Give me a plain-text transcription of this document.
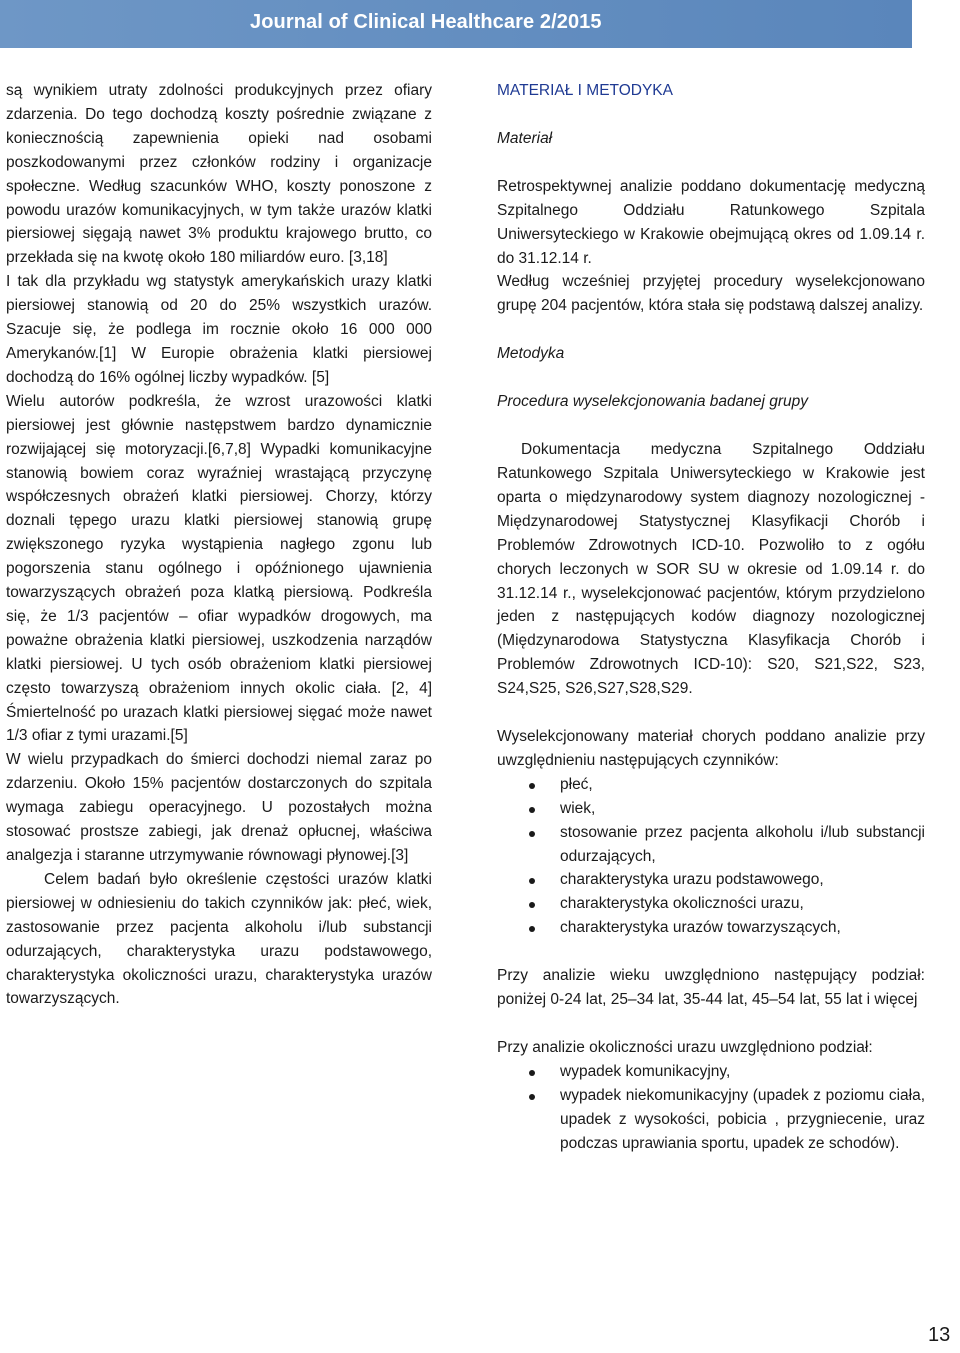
Journal of Clinical Healthcare 2/2015

są wynikiem utraty zdolności produkcyjnych przez ofiary zdarzenia. Do tego dochodzą koszty pośrednie związane z koniecznością zapewnienia opieki nad osobami poszkodowanymi przez członków rodziny i organizacje społeczne. Według szacunków WHO, koszty ponoszone z powodu urazów komunikacyjnych, w tym także urazów klatki piersiowej sięgają nawet 3% produktu krajowego brutto, co przekłada się na kwotę około 180 miliardów euro. [3,18]

I tak dla przykładu wg statystyk amerykańskich urazy klatki piersiowej stanowią od 20 do 25% wszystkich urazów. Szacuje się, że podlega im rocznie około 16 000 000 Amerykanów.[1] W Europie obrażenia klatki piersiowej dochodzą do 16% ogólnej liczby wypadków. [5]

Wielu autorów podkreśla, że wzrost urazowości klatki piersiowej jest głównie następstwem bardzo dynamicznie rozwijającej się motoryzacji.[6,7,8] Wypadki komunikacyjne stanowią bowiem coraz wyraźniej wrastającą przyczynę współczesnych obrażeń klatki piersiowej. Chorzy, którzy doznali tępego urazu klatki piersiowej stanowią grupę zwiększonego ryzyka wystąpienia nagłego zgonu lub pogorszenia stanu ogólnego i opóźnionego ujawnienia towarzyszących obrażeń poza klatką piersiową. Podkreśla się, że 1/3 pacjentów – ofiar wypadków drogowych, ma poważne obrażenia klatki piersiowej, uszkodzenia narządów klatki piersiowej. U tych osób obrażeniom klatki piersiowej często towarzyszą obrażeniom innych okolic ciała. [2, 4] Śmiertelność po urazach klatki piersiowej sięgać może nawet 1/3 ofiar z tymi urazami.[5]

W wielu przypadkach do śmierci dochodzi niemal zaraz po zdarzeniu. Około 15% pacjentów dostarczonych do szpitala wymaga zabiegu operacyjnego. U pozostałych można stosować prostsze zabiegi, jak drenaż opłucnej, właściwa analgezja i staranne utrzymywanie równowagi płynowej.[3]

Celem badań było określenie częstości urazów klatki piersiowej w odniesieniu do takich czynników jak: płeć, wiek, zastosowanie przez pacjenta alkoholu i/lub substancji odurzających, charakterystyka urazu podstawowego, charakterystyka okoliczności urazu, charakterystyka urazów towarzyszących.

MATERIAŁ I METODYKA

Materiał

Retrospektywnej analizie poddano dokumentację medyczną Szpitalnego Oddziału Ratunkowego Szpitala Uniwersyteckiego w Krakowie obejmującą okres od 1.09.14 r. do 31.12.14 r.

Według wcześniej przyjętej procedury wyselekcjonowano grupę 204 pacjentów, która stała się podstawą dalszej analizy.

Metodyka

Procedura wyselekcjonowania badanej grupy

Dokumentacja medyczna Szpitalnego Oddziału Ratunkowego Szpitala Uniwersyteckiego w Krakowie jest oparta o międzynarodowy system diagnozy nozologicznej - Międzynarodowej Statystycznej Klasyfikacji Chorób i Problemów Zdrowotnych ICD-10. Pozwoliło to z ogółu chorych leczonych w SOR SU w okresie od 1.09.14 r. do 31.12.14 r., wyselekcjonować pacjentów, którym przydzielono jeden z następujących kodów diagnozy nozologicznej (Międzynarodowa Statystyczna Klasyfikacja Chorób i Problemów Zdrowotnych ICD-10): S20, S21,S22, S23, S24,S25, S26,S27,S28,S29.

Wyselekcjonowany materiał chorych poddano analizie przy uwzględnieniu następujących czynników:

płeć,
wiek,
stosowanie przez pacjenta alkoholu i/lub substancji odurzających,
charakterystyka urazu podstawowego,
charakterystyka okoliczności urazu,
charakterystyka urazów towarzyszących,

Przy analizie wieku uwzględniono następujący podział: poniżej 0-24 lat, 25–34 lat, 35-44 lat, 45–54 lat, 55 lat i więcej

Przy analizie okoliczności urazu uwzględniono podział:

wypadek komunikacyjny,
wypadek niekomunikacyjny (upadek z poziomu ciała, upadek z wysokości, pobicia , przygniecenie, uraz podczas uprawiania sportu, upadek ze schodów).
13
